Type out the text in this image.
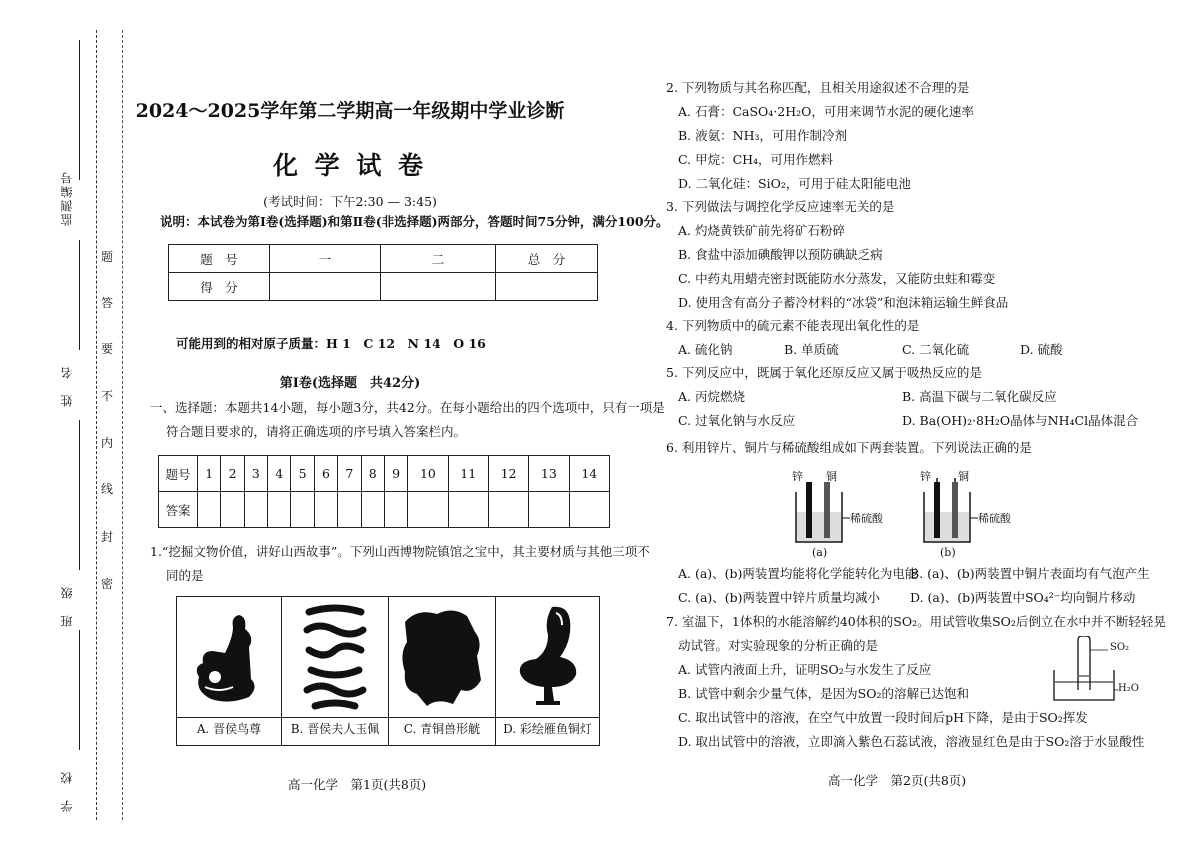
监测编号
姓　名
班　级
学　校
题
答
要
不
内
线
封
密
2024～2025学年第二学期高一年级期中学业诊断
化 学 试 卷
(考试时间：下午2:30 — 3:45)
说明：本试卷为第Ⅰ卷(选择题)和第Ⅱ卷(非选择题)两部分，答题时间75分钟，满分100分。
题　号	一	二	总　分
得　分			
可能用到的相对原子质量：H 1　C 12　N 14　O 16
第Ⅰ卷(选择题　共42分)
一、选择题：本题共14小题，每小题3分，共42分。在每小题给出的四个选项中，只有一项是
符合题目要求的，请将正确选项的序号填入答案栏内。
题号	1	2	3	4	5	6	7	8	9	10	11	12	13	14
答案														
1.“挖掘文物价值，讲好山西故事”。下列山西博物院镇馆之宝中，其主要材质与其他三项不
同的是
A. 晋侯鸟尊	B. 晋侯夫人玉佩	C. 青铜兽形觥	D. 彩绘雁鱼铜灯
高一化学　第1页(共8页)
2. 下列物质与其名称匹配，且相关用途叙述不合理的是
A. 石膏：CaSO₄·2H₂O，可用来调节水泥的硬化速率
B. 液氨：NH₃，可用作制冷剂
C. 甲烷：CH₄，可用作燃料
D. 二氧化硅：SiO₂，可用于硅太阳能电池
3. 下列做法与调控化学反应速率无关的是
A. 灼烧黄铁矿前先将矿石粉碎
B. 食盐中添加碘酸钾以预防碘缺乏病
C. 中药丸用蜡壳密封既能防水分蒸发，又能防虫蛀和霉变
D. 使用含有高分子蓄冷材料的“冰袋”和泡沫箱运输生鲜食品
4. 下列物质中的硫元素不能表现出氧化性的是
A. 硫化钠	B. 单质硫	C. 二氧化硫	D. 硫酸
5. 下列反应中，既属于氧化还原反应又属于吸热反应的是
A. 丙烷燃烧	B. 高温下碳与二氧化碳反应
C. 过氧化钠与水反应	D. Ba(OH)₂·8H₂O晶体与NH₄Cl晶体混合
6. 利用锌片、铜片与稀硫酸组成如下两套装置。下列说法正确的是
锌 铜
稀硫酸
(a)
锌 铜
稀硫酸
(b)
A. (a)、(b)两装置均能将化学能转化为电能
B. (a)、(b)两装置中铜片表面均有气泡产生
C. (a)、(b)两装置中锌片质量均减小 D. (a)、(b)两装置中SO₄²⁻均向铜片移动
7. 室温下，1体积的水能溶解约40体积的SO₂。用试管收集SO₂后倒立在水中并不断轻轻晃
动试管。对实验现象的分析正确的是
A. 试管内液面上升，证明SO₂与水发生了反应
B. 试管中剩余少量气体，是因为SO₂的溶解已达饱和
C. 取出试管中的溶液，在空气中放置一段时间后pH下降，是由于SO₂挥发
D. 取出试管中的溶液，立即滴入紫色石蕊试液，溶液显红色是由于SO₂溶于水显酸性
SO₂
H₂O
高一化学　第2页(共8页)
